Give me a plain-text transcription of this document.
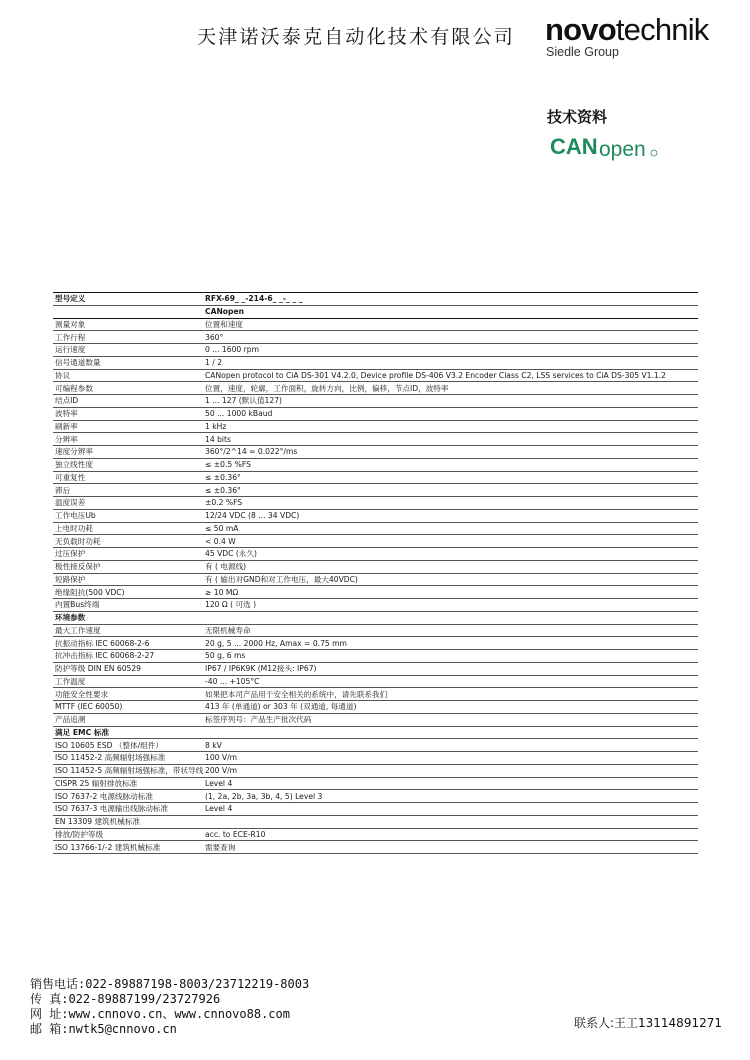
天津诺沃泰克自动化技术有限公司 novotechnik
Siedle Group
技术资料
CAN open
型号定义	RFX-69_ _-214-6_ _-_ _ _
	CANopen
测量对象	位置和速度
工作行程	360°
运行速度	0 ... 1600 rpm
信号通道数量	1 / 2
协议	CANopen protocol to CiA DS-301 V4.2.0, Device profile DS-406 V3.2 Encoder Class C2, LSS services to CiA DS-305 V1.1.2
可编程参数	位置，速度，轮廓，工作面积，旋转方向，比例，偏移，节点ID，波特率
结点ID	1 ... 127 (默认值127)
波特率	50 ... 1000 kBaud
刷新率	1 kHz
分辨率	14 bits
速度分辨率	360°/2^14 ≈ 0.022°/ms
独立线性度	≤ ±0.5 %FS
可重复性	≤ ±0.36°
滞后	≤ ±0.36°
温度误差	±0.2 %FS
工作电压Ub	12/24 VDC (8 ... 34 VDC)
上电时功耗	≤ 50 mA
无负载时功耗	< 0.4 W
过压保护	45 VDC (永久)
极性接反保护	有 ( 电源线)
短路保护	有 ( 输出对GND和对工作电压，最大40VDC)
绝缘阻抗(500 VDC)	≥ 10 MΩ
内置Bus终端	120 Ω ( 可选 )
环境参数	
最大工作速度	无限机械寿命
抗振动指标 IEC 60068-2-6	20 g, 5 ... 2000 Hz, Amax = 0.75 mm
抗冲击指标 IEC 60068-2-27	50 g, 6 ms
防护等级 DIN EN 60529	IP67 / IP6K9K (M12接头: IP67)
工作温度	-40 ... +105°C
功能安全性要求	如果把本司产品用于安全相关的系统中，请先联系我们
MTTF (IEC 60050)	413 年 (单通道) or 303 年 (双通道, 每通道)
产品追溯	标签序列号：产品生产批次代码
满足 EMC 标准	
ISO 10605 ESD （整体/组件）	8 kV
ISO 11452-2 高频辐射场强标准	100 V/m
ISO 11452-5 高频辐射场强标准，带状导线	200 V/m
CISPR 25 辐射排放标准	Level 4
ISO 7637-2 电源线脉动标准	(1, 2a, 2b, 3a, 3b, 4, 5) Level 3
ISO 7637-3 电源输出线脉动标准	Level 4
EN 13309 建筑机械标准	
排放/防护等级	acc. to ECE-R10
ISO 13766-1/-2 建筑机械标准	需要查询
销售电话:022-89887198-8003/23712219-8003
传 真:022-89887199/23727926
网 址:www.cnnovo.cn、www.cnnovo88.com
邮 箱:nwtk5@cnnovo.cn	联系人:王工13114891271
